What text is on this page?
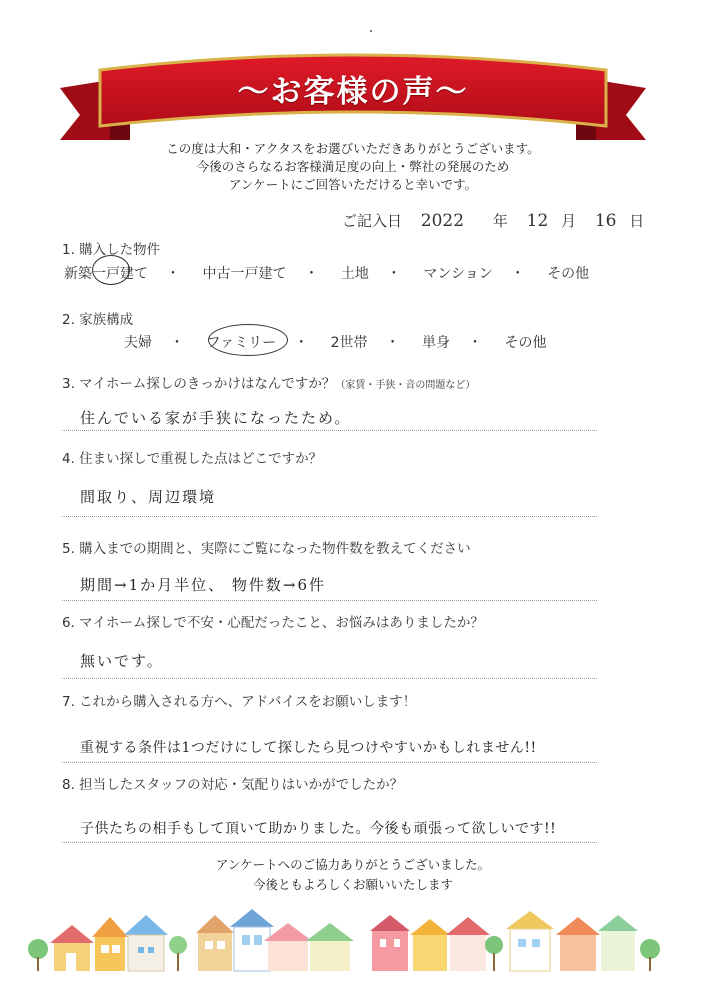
〜お客様の声〜
この度は大和・アクタスをお選びいただきありがとうございます。
今後のさらなるお客様満足度の向上・弊社の発展のため
アンケートにご回答いただけると幸いです。
ご記入日 2022 年 12 月 16 日
1. 購入した物件
新築一戸建て ・ 中古一戸建て ・ 土地 ・ マンション ・ その他
2. 家族構成
夫婦 ・ ファミリー ・ 2世帯 ・ 単身 ・ その他
3. マイホーム探しのきっかけはなんですか？（家賃・手狭・音の問題など）
住んでいる家が手狭になったため。
4. 住まい探しで重視した点はどこですか？
間取り、周辺環境
5. 購入までの期間と、実際にご覧になった物件数を教えてください
期間→1か月半位、 物件数→6件
6. マイホーム探しで不安・心配だったこと、お悩みはありましたか？
無いです。
7. これから購入される方へ、アドバイスをお願いします！
重視する条件は1つだけにして探したら見つけやすいかもしれません!!
8. 担当したスタッフの対応・気配りはいかがでしたか？
子供たちの相手もして頂いて助かりました。今後も頑張って欲しいです!!
アンケートへのご協力ありがとうございました。
今後ともよろしくお願いいたします
